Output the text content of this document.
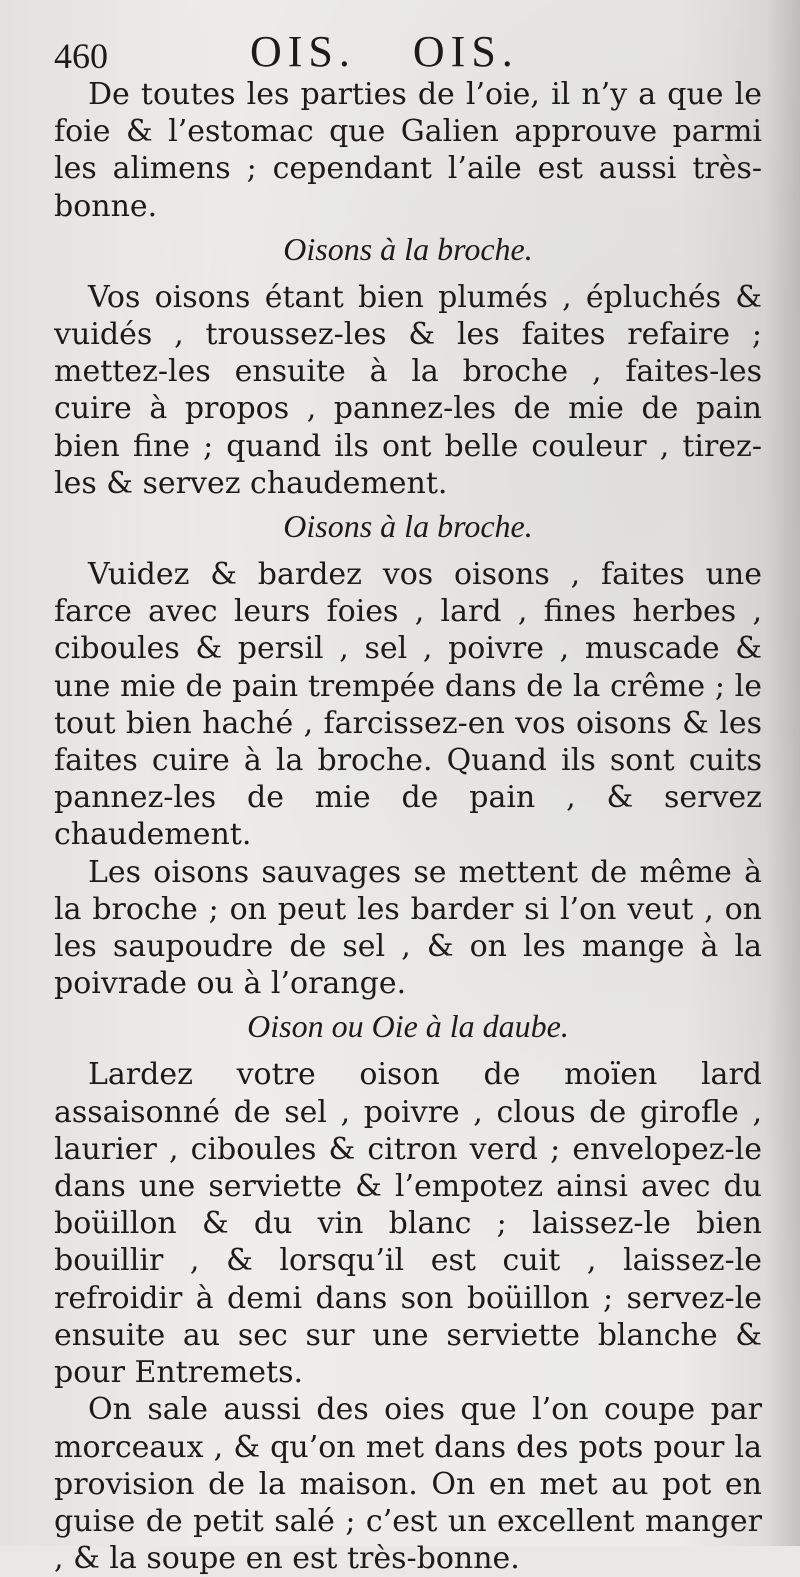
460	OIS. OIS.

De toutes les parties de l’oie, il n’y a que le foie & l’estomac que Galien approuve parmi les alimens ; cependant l’aile est aussi très-bonne.

Oisons à la broche.

Vos oisons étant bien plumés , épluchés & vuidés , troussez-les & les faites refaire ; mettez-les ensuite à la broche , faites-les cuire à propos , pannez-les de mie de pain bien fine ; quand ils ont belle couleur , tirez-les & servez chaudement.

Oisons à la broche.

Vuidez & bardez vos oisons , faites une farce avec leurs foies , lard , fines herbes , ciboules & persil , sel , poivre , muscade & une mie de pain trempée dans de la crême ; le tout bien haché , farcissez-en vos oisons & les faites cuire à la broche. Quand ils sont cuits pannez-les de mie de pain , & servez chaudement.

Les oisons sauvages se mettent de même à la broche ; on peut les barder si l’on veut , on les saupoudre de sel , & on les mange à la poivrade ou à l’orange.

Oison ou Oie à la daube.

Lardez votre oison de moïen lard assaisonné de sel , poivre , clous de girofle , laurier , ciboules & citron verd ; envelopez-le dans une serviette & l’empotez ainsi avec du boüillon & du vin blanc ; laissez-le bien bouillir , & lorsqu’il est cuit , laissez-le refroidir à demi dans son boüillon ; servez-le ensuite au sec sur une serviette blanche & pour Entremets.

On sale aussi des oies que l’on coupe par morceaux , & qu’on met dans des pots pour la provision de la maison. On en met au pot en guise de petit salé ; c’est un excellent manger , & la soupe en est très-bonne.
